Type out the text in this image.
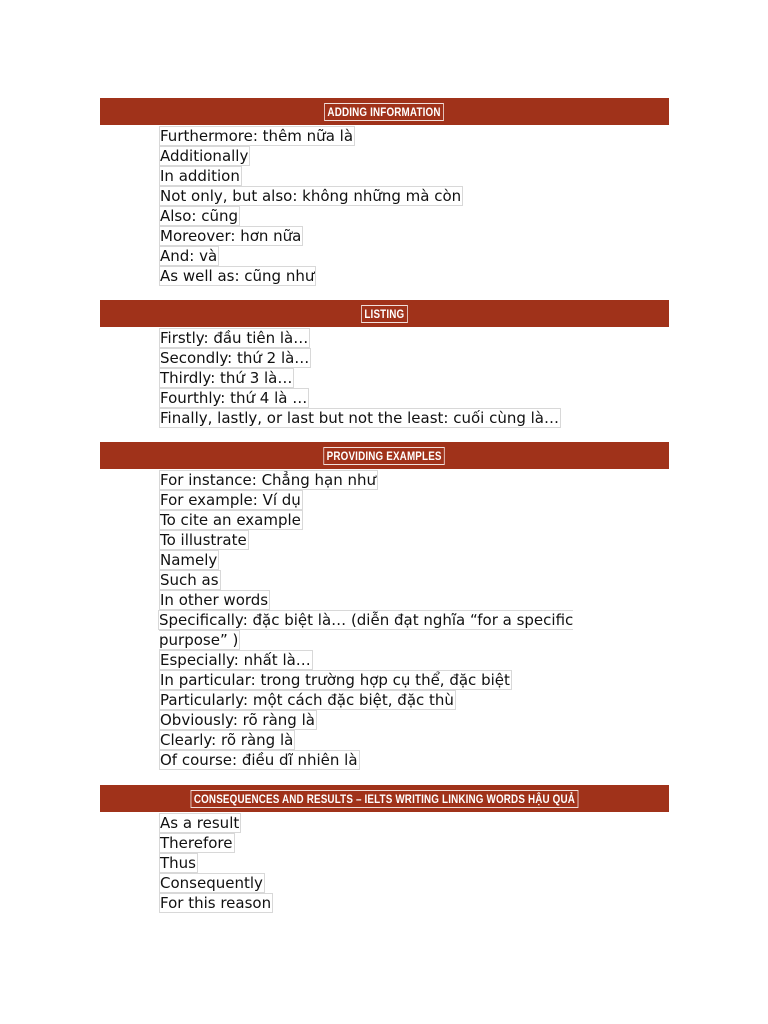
ADDING INFORMATION
Furthermore: thêm nữa là
Additionally
In addition
Not only, but also: không những mà còn
Also: cũng
Moreover: hơn nữa
And: và
As well as: cũng như
LISTING
Firstly: đầu tiên là…
Secondly: thứ 2 là…
Thirdly: thứ 3 là…
Fourthly: thứ 4 là …
Finally, lastly, or last but not the least: cuối cùng là…
PROVIDING EXAMPLES
For instance: Chẳng hạn như
For example: Ví dụ
To cite an example
To illustrate
Namely
Such as
In other words
Specifically: đặc biệt là… (diễn đạt nghĩa “for a specific purpose” )
Especially: nhất là…
In particular: trong trường hợp cụ thể, đặc biệt
Particularly: một cách đặc biệt, đặc thù
Obviously: rõ ràng là
Clearly: rõ ràng là
Of course: điều dĩ nhiên là
CONSEQUENCES AND RESULTS – IELTS WRITING LINKING WORDS HẬU QUẢ
As a result
Therefore
Thus
Consequently
For this reason
